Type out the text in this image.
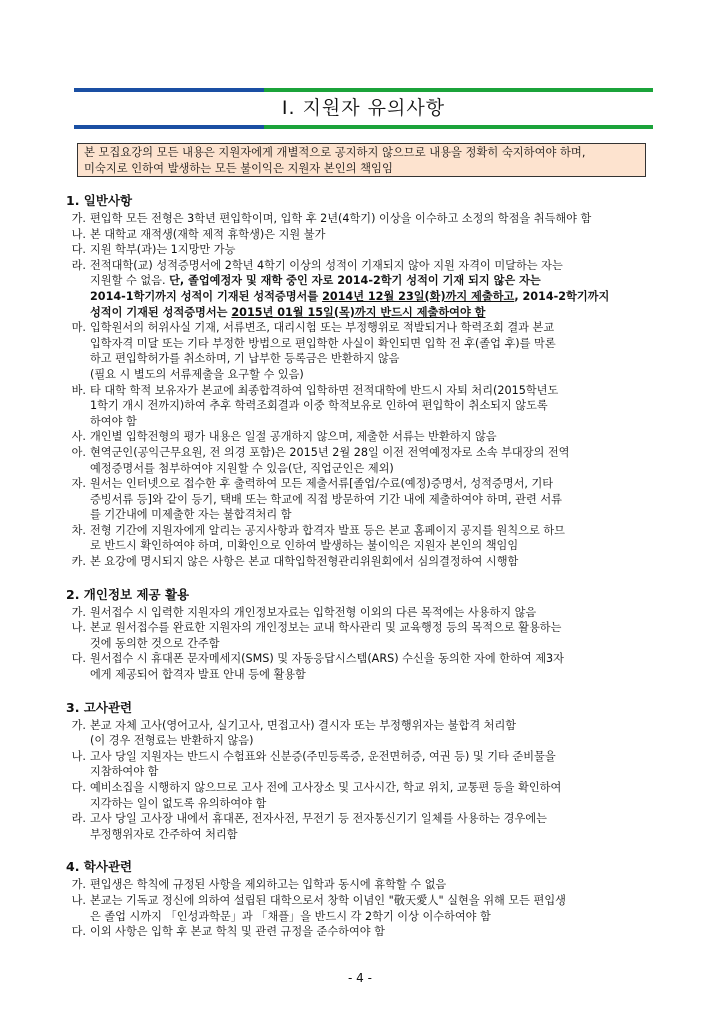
Ⅰ. 지원자 유의사항
본 모집요강의 모든 내용은 지원자에게 개별적으로 공지하지 않으므로 내용을 정확히 숙지하여야 하며,
미숙지로 인하여 발생하는 모든 불이익은 지원자 본인의 책임임
1. 일반사항
가. 편입학 모든 전형은 3학년 편입학이며, 입학 후 2년(4학기) 이상을 이수하고 소정의 학점을 취득해야 함
나. 본 대학교 재적생(재학 제적 휴학생)은 지원 불가
다. 지원 학부(과)는 1지망만 가능
라. 전적대학(교) 성적증명서에 2학년 4학기 이상의 성적이 기재되지 않아 지원 자격이 미달하는 자는
지원할 수 없음. 단, 졸업예정자 및 재학 중인 자로 2014-2학기 성적이 기재 되지 않은 자는
2014-1학기까지 성적이 기재된 성적증명서를 2014년 12월 23일(화)까지 제출하고, 2014-2학기까지
성적이 기재된 성적증명서는 2015년 01월 15일(목)까지 반드시 제출하여야 함
마. 입학원서의 허위사실 기재, 서류변조, 대리시험 또는 부정행위로 적발되거나 학력조회 결과 본교
입학자격 미달 또는 기타 부정한 방법으로 편입학한 사실이 확인되면 입학 전 후(졸업 후)를 막론
하고 편입학허가를 취소하며, 기 납부한 등록금은 반환하지 않음
(필요 시 별도의 서류제출을 요구할 수 있음)
바. 타 대학 학적 보유자가 본교에 최종합격하여 입학하면 전적대학에 반드시 자퇴 처리(2015학년도
1학기 개시 전까지)하여 추후 학력조회결과 이중 학적보유로 인하여 편입학이 취소되지 않도록
하여야 함
사. 개인별 입학전형의 평가 내용은 일절 공개하지 않으며, 제출한 서류는 반환하지 않음
아. 현역군인(공익근무요원, 전 의경 포함)은 2015년 2월 28일 이전 전역예정자로 소속 부대장의 전역
예정증명서를 첨부하여야 지원할 수 있음(단, 직업군인은 제외)
자. 원서는 인터넷으로 접수한 후 출력하여 모든 제출서류[졸업/수료(예정)증명서, 성적증명서, 기타
증빙서류 등]와 같이 등기, 택배 또는 학교에 직접 방문하여 기간 내에 제출하여야 하며, 관련 서류
를 기간내에 미제출한 자는 불합격처리 함
차. 전형 기간에 지원자에게 알리는 공지사항과 합격자 발표 등은 본교 홈페이지 공지를 원칙으로 하므
로 반드시 확인하여야 하며, 미확인으로 인하여 발생하는 불이익은 지원자 본인의 책임임
카. 본 요강에 명시되지 않은 사항은 본교 대학입학전형관리위원회에서 심의결정하여 시행함
2. 개인정보 제공 활용
가. 원서접수 시 입력한 지원자의 개인정보자료는 입학전형 이외의 다른 목적에는 사용하지 않음
나. 본교 원서접수를 완료한 지원자의 개인정보는 교내 학사관리 및 교육행정 등의 목적으로 활용하는
것에 동의한 것으로 간주함
다. 원서접수 시 휴대폰 문자메세지(SMS) 및 자동응답시스템(ARS) 수신을 동의한 자에 한하여 제3자
에게 제공되어 합격자 발표 안내 등에 활용함
3. 고사관련
가. 본교 자체 고사(영어고사, 실기고사, 면접고사) 결시자 또는 부정행위자는 불합격 처리함
(이 경우 전형료는 반환하지 않음)
나. 고사 당일 지원자는 반드시 수험표와 신분증(주민등록증, 운전면허증, 여권 등) 및 기타 준비물을
지참하여야 함
다. 예비소집을 시행하지 않으므로 고사 전에 고사장소 및 고사시간, 학교 위치, 교통편 등을 확인하여
지각하는 일이 없도록 유의하여야 함
라. 고사 당일 고사장 내에서 휴대폰, 전자사전, 무전기 등 전자통신기기 일체를 사용하는 경우에는
부정행위자로 간주하여 처리함
4. 학사관련
가. 편입생은 학칙에 규정된 사항을 제외하고는 입학과 동시에 휴학할 수 없음
나. 본교는 기독교 정신에 의하여 설립된 대학으로서 창학 이념인 "敬天愛人" 실현을 위해 모든 편입생
은 졸업 시까지 「인성과학문」과 「채플」을 반드시 각 2학기 이상 이수하여야 함
다. 이외 사항은 입학 후 본교 학칙 및 관련 규정을 준수하여야 함
- 4 -
